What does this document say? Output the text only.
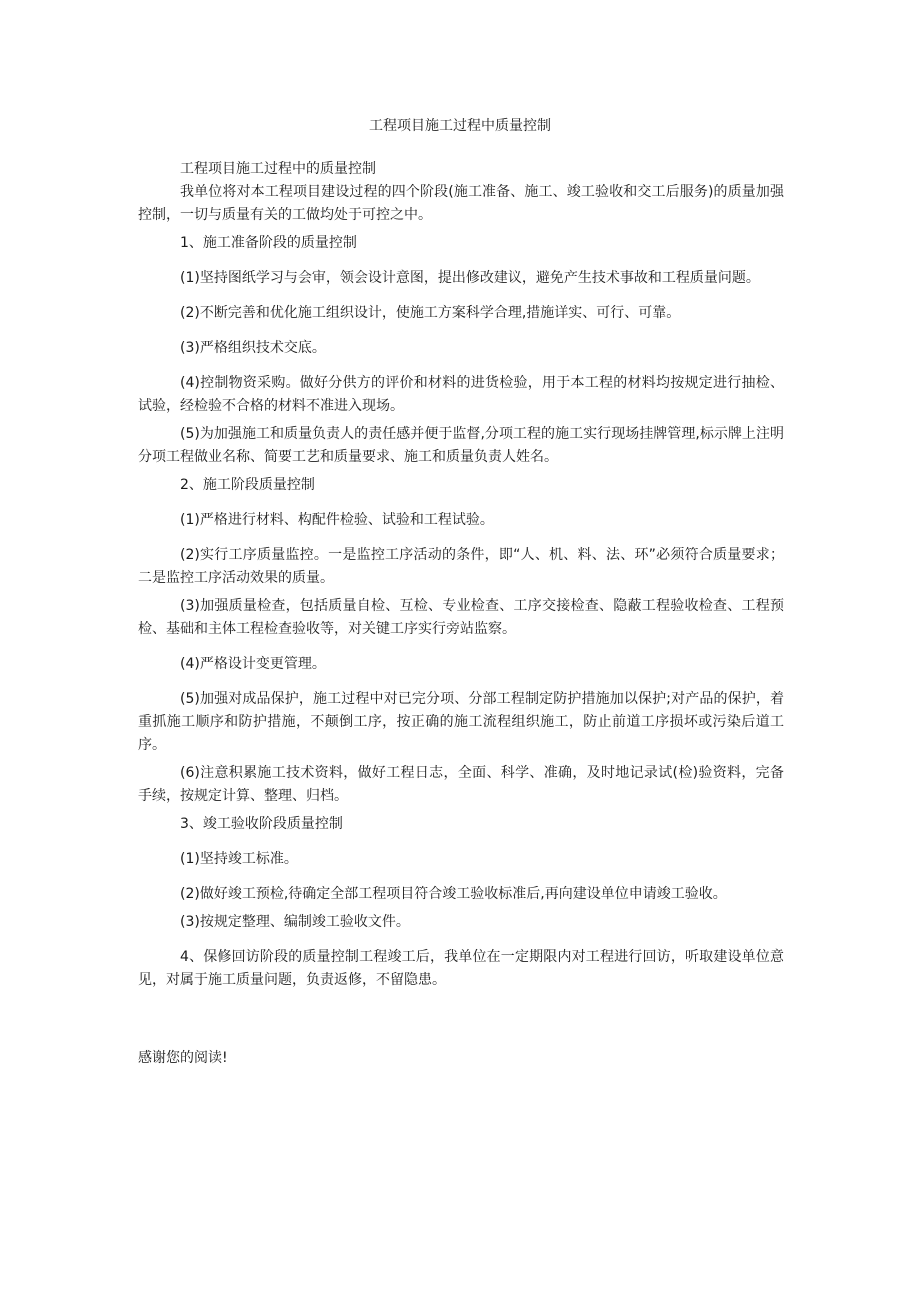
工程项目施工过程中质量控制

工程项目施工过程中的质量控制

我单位将对本工程项目建设过程的四个阶段(施工准备、施工、竣工验收和交工后服务)的质量加强控制，一切与质量有关的工做均处于可控之中。

1、施工准备阶段的质量控制

(1)坚持图纸学习与会审，领会设计意图，提出修改建议，避免产生技术事故和工程质量问题。

(2)不断完善和优化施工组织设计，使施工方案科学合理,措施详实、可行、可靠。

(3)严格组织技术交底。

(4)控制物资采购。做好分供方的评价和材料的进货检验，用于本工程的材料均按规定进行抽检、试验，经检验不合格的材料不准进入现场。

(5)为加强施工和质量负责人的责任感并便于监督,分项工程的施工实行现场挂牌管理,标示牌上注明分项工程做业名称、简要工艺和质量要求、施工和质量负责人姓名。

2、施工阶段质量控制

(1)严格进行材料、构配件检验、试验和工程试验。

(2)实行工序质量监控。一是监控工序活动的条件，即“人、机、料、法、环”必须符合质量要求；二是监控工序活动效果的质量。

(3)加强质量检查，包括质量自检、互检、专业检查、工序交接检查、隐蔽工程验收检查、工程预检、基础和主体工程检查验收等，对关键工序实行旁站监察。

(4)严格设计变更管理。

(5)加强对成品保护，施工过程中对已完分项、分部工程制定防护措施加以保护;对产品的保护，着重抓施工顺序和防护措施，不颠倒工序，按正确的施工流程组织施工，防止前道工序损坏或污染后道工序。

(6)注意积累施工技术资料，做好工程日志，全面、科学、准确，及时地记录试(检)验资料，完备手续，按规定计算、整理、归档。

3、竣工验收阶段质量控制

(1)坚持竣工标准。

(2)做好竣工预检,待确定全部工程项目符合竣工验收标准后,再向建设单位申请竣工验收。

(3)按规定整理、编制竣工验收文件。

4、保修回访阶段的质量控制工程竣工后，我单位在一定期限内对工程进行回访，听取建设单位意见，对属于施工质量问题，负责返修，不留隐患。

感谢您的阅读!
